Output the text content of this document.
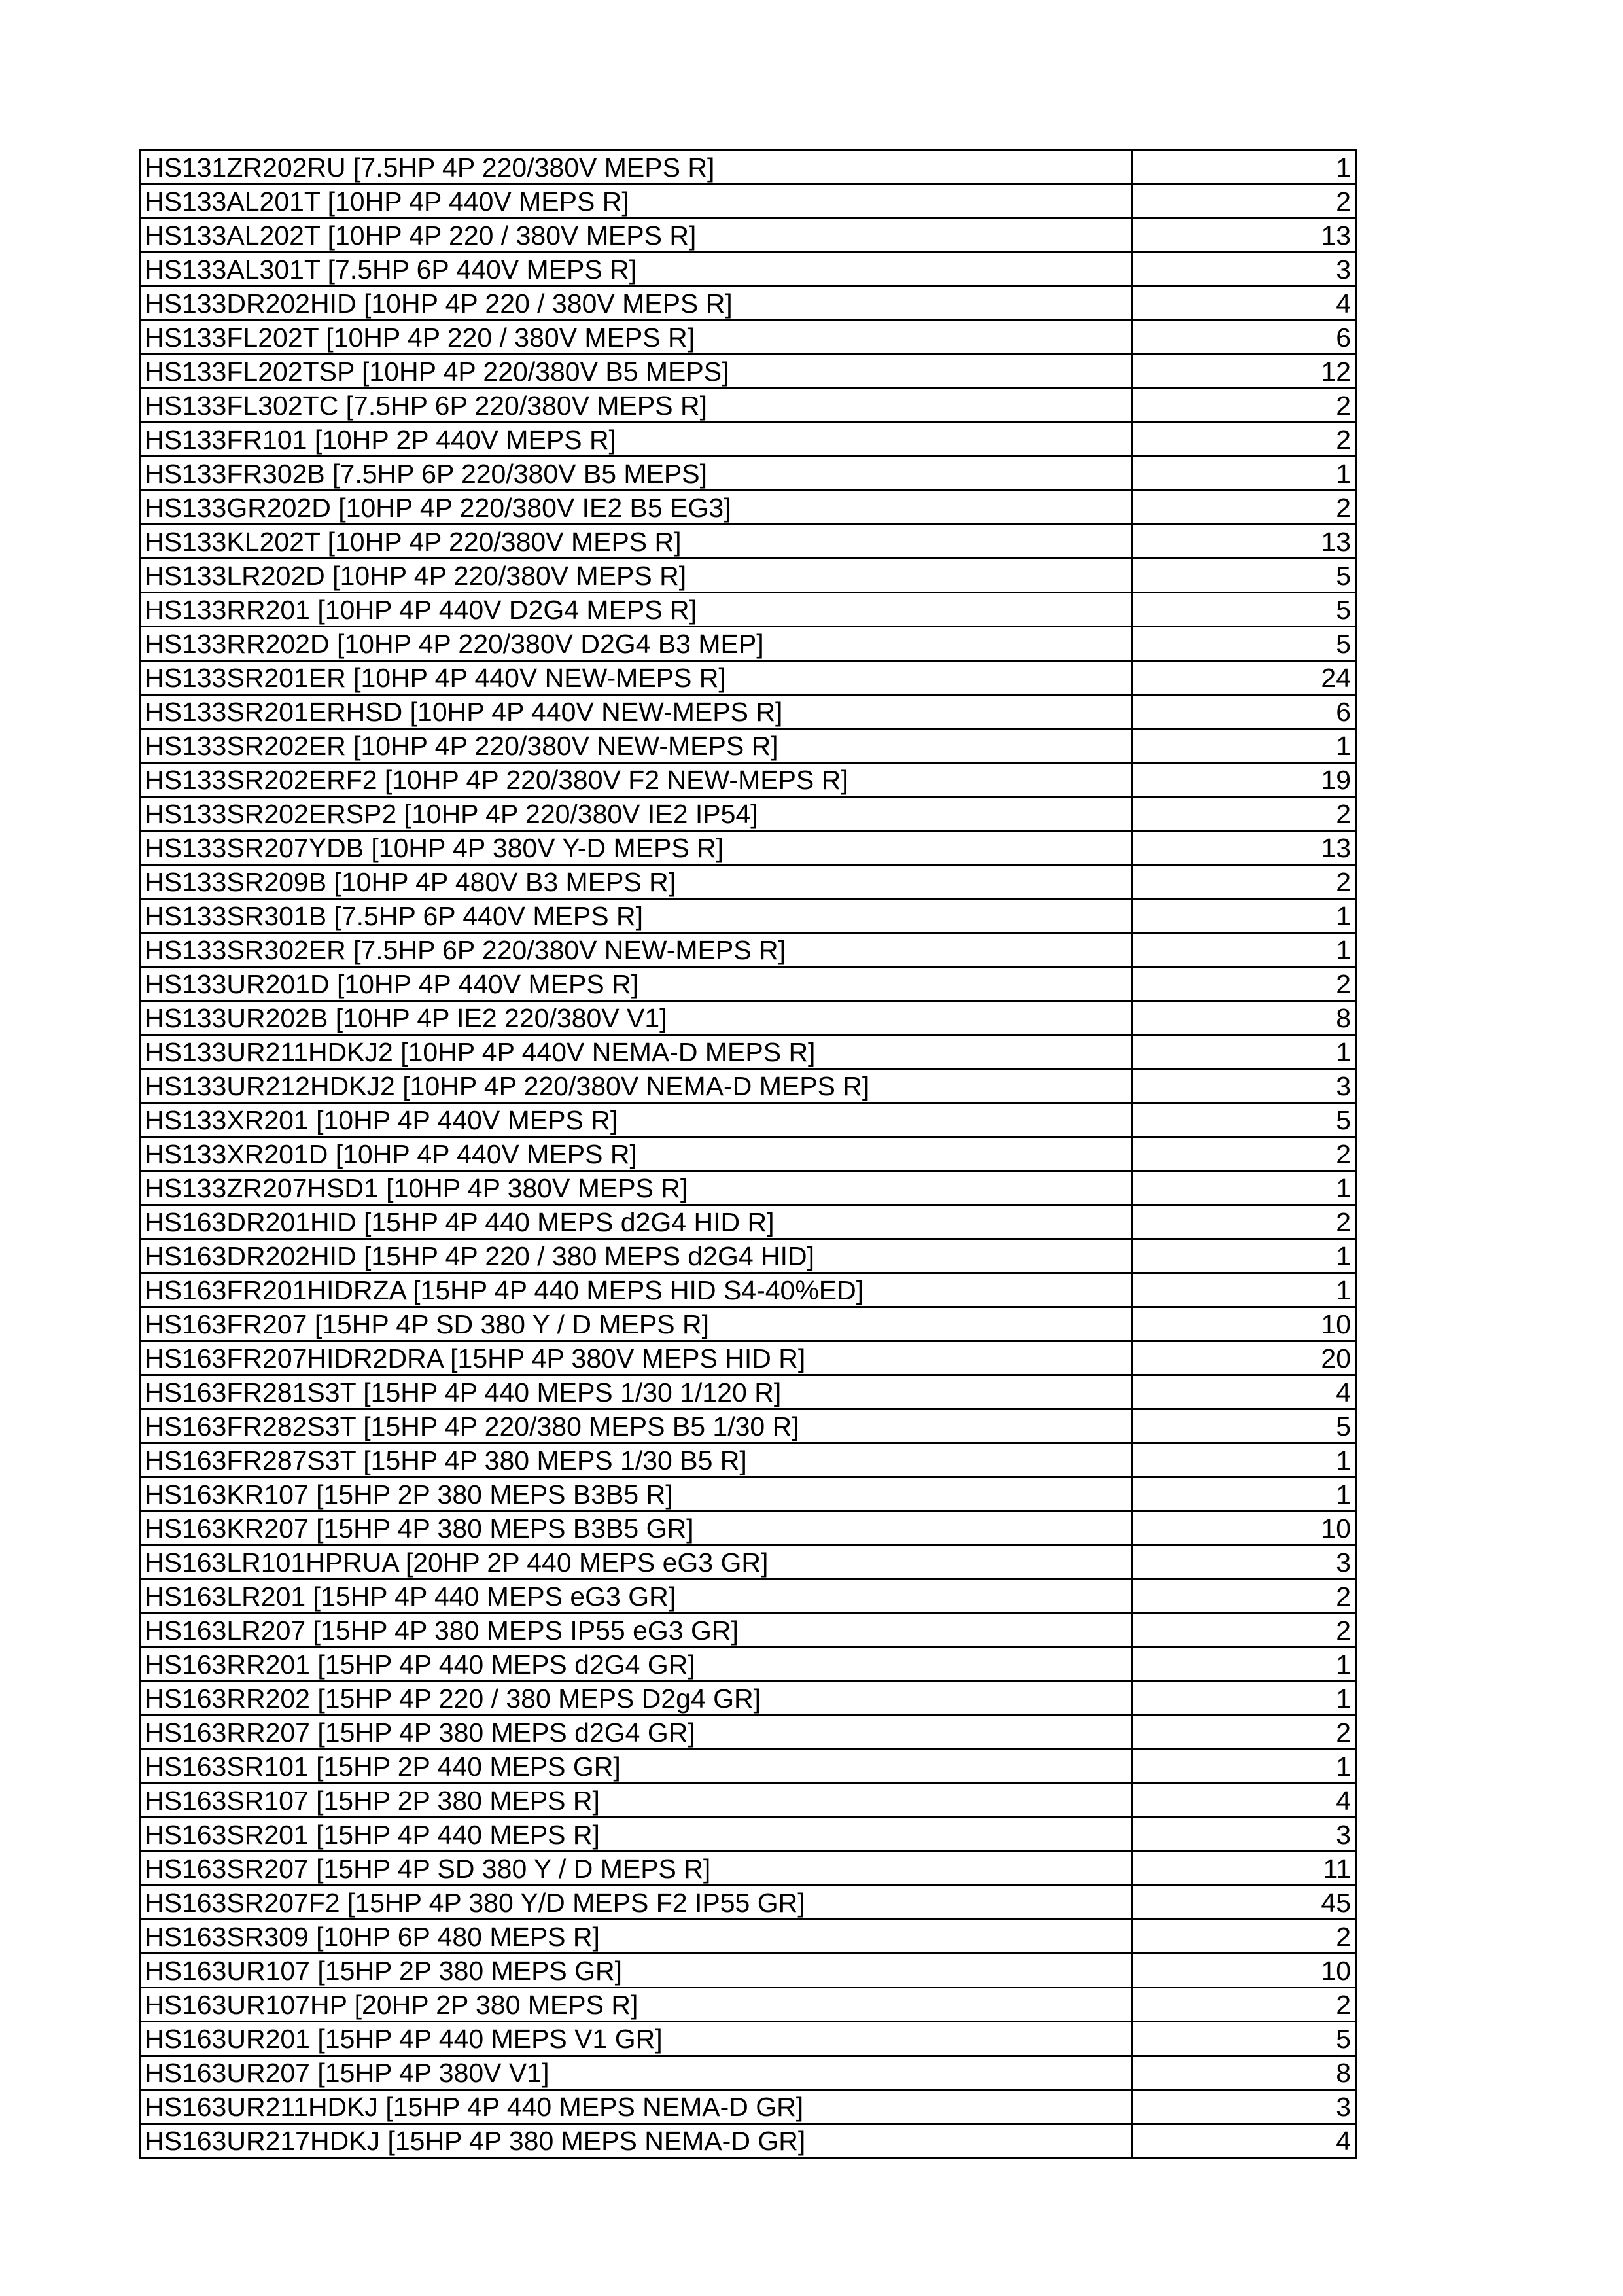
HS131ZR202RU [7.5HP 4P 220/380V MEPS R]	1
HS133AL201T [10HP 4P 440V MEPS R]	2
HS133AL202T [10HP 4P 220 / 380V MEPS R]	13
HS133AL301T [7.5HP 6P 440V MEPS R]	3
HS133DR202HID [10HP 4P 220 / 380V MEPS R]	4
HS133FL202T [10HP 4P 220 / 380V MEPS R]	6
HS133FL202TSP [10HP 4P 220/380V B5 MEPS]	12
HS133FL302TC [7.5HP 6P 220/380V MEPS R]	2
HS133FR101 [10HP 2P 440V MEPS R]	2
HS133FR302B [7.5HP 6P 220/380V B5 MEPS]	1
HS133GR202D [10HP 4P 220/380V IE2 B5 EG3]	2
HS133KL202T [10HP 4P 220/380V MEPS R]	13
HS133LR202D [10HP 4P 220/380V MEPS R]	5
HS133RR201 [10HP 4P 440V D2G4 MEPS R]	5
HS133RR202D [10HP 4P 220/380V D2G4 B3 MEP]	5
HS133SR201ER [10HP 4P 440V NEW-MEPS R]	24
HS133SR201ERHSD [10HP 4P 440V NEW-MEPS R]	6
HS133SR202ER [10HP 4P 220/380V NEW-MEPS R]	1
HS133SR202ERF2 [10HP 4P 220/380V F2 NEW-MEPS R]	19
HS133SR202ERSP2 [10HP 4P 220/380V IE2 IP54]	2
HS133SR207YDB [10HP 4P 380V Y-D MEPS R]	13
HS133SR209B [10HP 4P 480V B3 MEPS R]	2
HS133SR301B [7.5HP 6P 440V MEPS R]	1
HS133SR302ER [7.5HP 6P 220/380V NEW-MEPS R]	1
HS133UR201D [10HP 4P 440V MEPS R]	2
HS133UR202B [10HP 4P IE2 220/380V V1]	8
HS133UR211HDKJ2 [10HP 4P 440V NEMA-D MEPS R]	1
HS133UR212HDKJ2 [10HP 4P 220/380V NEMA-D MEPS R]	3
HS133XR201 [10HP 4P 440V MEPS R]	5
HS133XR201D [10HP 4P 440V MEPS R]	2
HS133ZR207HSD1 [10HP 4P 380V MEPS R]	1
HS163DR201HID [15HP 4P 440 MEPS d2G4 HID R]	2
HS163DR202HID [15HP 4P 220 / 380 MEPS d2G4 HID]	1
HS163FR201HIDRZA [15HP 4P 440 MEPS HID S4-40%ED]	1
HS163FR207 [15HP 4P SD 380 Y / D MEPS R]	10
HS163FR207HIDR2DRA [15HP 4P 380V MEPS HID R]	20
HS163FR281S3T [15HP 4P 440 MEPS 1/30 1/120 R]	4
HS163FR282S3T [15HP 4P 220/380 MEPS B5 1/30 R]	5
HS163FR287S3T [15HP 4P 380 MEPS 1/30 B5 R]	1
HS163KR107 [15HP 2P 380 MEPS B3B5 R]	1
HS163KR207 [15HP 4P 380 MEPS B3B5 GR]	10
HS163LR101HPRUA [20HP 2P 440 MEPS eG3 GR]	3
HS163LR201 [15HP 4P 440 MEPS eG3 GR]	2
HS163LR207 [15HP 4P 380 MEPS IP55 eG3 GR]	2
HS163RR201 [15HP 4P 440 MEPS d2G4 GR]	1
HS163RR202 [15HP 4P 220 / 380 MEPS D2g4 GR]	1
HS163RR207 [15HP 4P 380 MEPS d2G4 GR]	2
HS163SR101 [15HP 2P 440 MEPS GR]	1
HS163SR107 [15HP 2P 380 MEPS R]	4
HS163SR201 [15HP 4P 440 MEPS R]	3
HS163SR207 [15HP 4P SD 380 Y / D MEPS R]	11
HS163SR207F2 [15HP 4P 380 Y/D MEPS F2 IP55 GR]	45
HS163SR309 [10HP 6P 480 MEPS R]	2
HS163UR107 [15HP 2P 380 MEPS GR]	10
HS163UR107HP [20HP 2P 380 MEPS R]	2
HS163UR201 [15HP 4P 440 MEPS V1 GR]	5
HS163UR207 [15HP 4P 380V V1]	8
HS163UR211HDKJ [15HP 4P 440 MEPS NEMA-D GR]	3
HS163UR217HDKJ [15HP 4P 380 MEPS NEMA-D GR]	4
